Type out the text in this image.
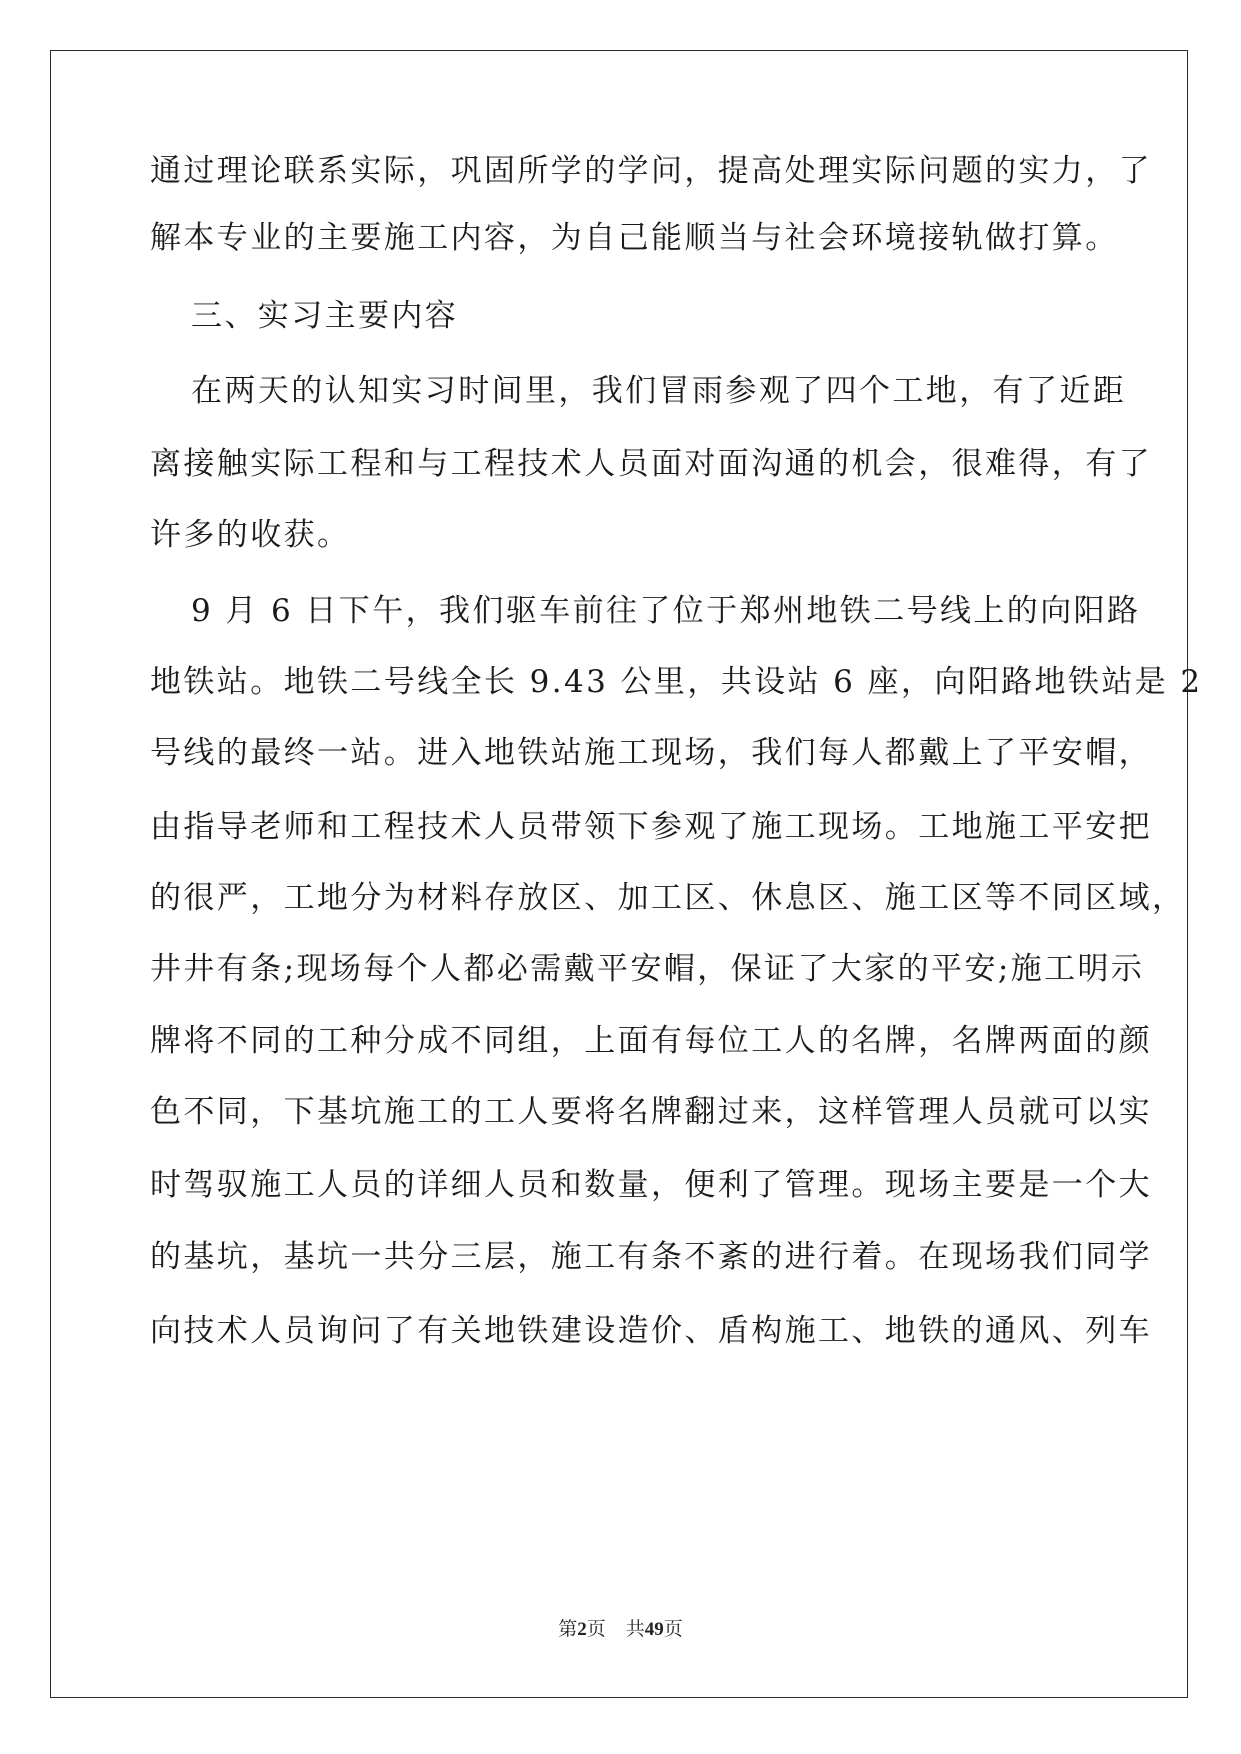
通过理论联系实际，巩固所学的学问，提高处理实际问题的实力，了
解本专业的主要施工内容，为自己能顺当与社会环境接轨做打算。
三、实习主要内容
在两天的认知实习时间里，我们冒雨参观了四个工地，有了近距
离接触实际工程和与工程技术人员面对面沟通的机会，很难得，有了
许多的收获。
9 月 6 日下午，我们驱车前往了位于郑州地铁二号线上的向阳路
地铁站。地铁二号线全长 9.43 公里，共设站 6 座，向阳路地铁站是 2
号线的最终一站。进入地铁站施工现场，我们每人都戴上了平安帽，
由指导老师和工程技术人员带领下参观了施工现场。工地施工平安把
的很严，工地分为材料存放区、加工区、休息区、施工区等不同区域，
井井有条;现场每个人都必需戴平安帽，保证了大家的平安;施工明示
牌将不同的工种分成不同组，上面有每位工人的名牌，名牌两面的颜
色不同，下基坑施工的工人要将名牌翻过来，这样管理人员就可以实
时驾驭施工人员的详细人员和数量，便利了管理。现场主要是一个大
的基坑，基坑一共分三层，施工有条不紊的进行着。在现场我们同学
向技术人员询问了有关地铁建设造价、盾构施工、地铁的通风、列车
第2页 共49页
